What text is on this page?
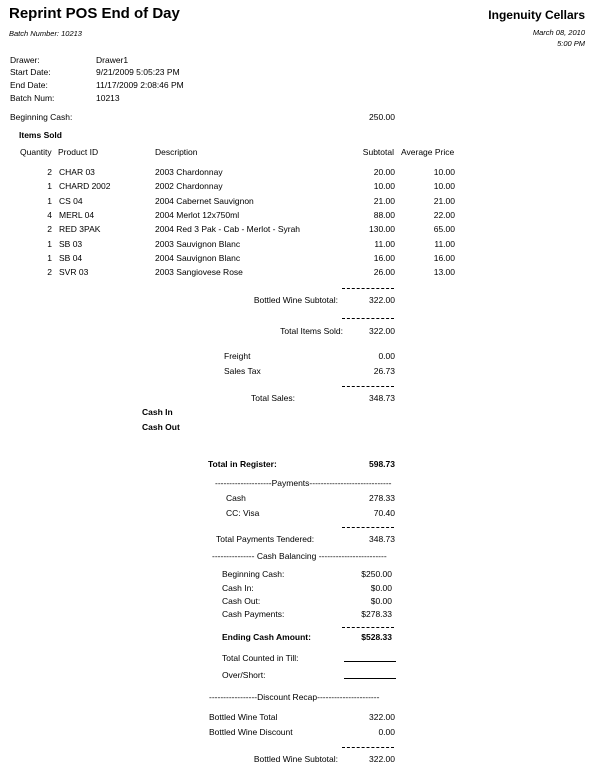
Reprint POS End of Day	Ingenuity Cellars
Batch Number: 10213	March 08, 2010
5:00 PM
Drawer:	Drawer1
Start Date:	9/21/2009 5:05:23 PM
End Date:	11/17/2009 2:08:46 PM
Batch Num:	10213
Beginning Cash:	250.00
Items Sold
Quantity Product ID	Description	Subtotal Average Price
2 CHAR 03	2003 Chardonnay	20.00	10.00
1 CHARD 2002	2002 Chardonnay	10.00	10.00
1 CS 04	2004 Cabernet Sauvignon	21.00	21.00
4 MERL 04	2004 Merlot 12x750ml	88.00	22.00
2 RED 3PAK	2004 Red 3 Pak - Cab - Merlot - Syrah	130.00	65.00
1 SB 03	2003 Sauvignon Blanc	11.00	11.00
1 SB 04	2004 Sauvignon Blanc	16.00	16.00
2 SVR 03	2003 Sangiovese Rose	26.00	13.00
Bottled Wine Subtotal:	322.00
Total Items Sold:	322.00
Freight	0.00
Sales Tax	26.73
Total Sales:	348.73
Cash In
Cash Out
Total in Register:	598.73
--------------------Payments-----------------------------
Cash	278.33
CC: Visa	70.40
Total Payments Tendered:	348.73
--------------- Cash Balancing ------------------------
Beginning Cash:	$250.00
Cash In:	$0.00
Cash Out:	$0.00
Cash Payments:	$278.33
Ending Cash Amount:	$528.33
Total Counted in Till:
Over/Short:
-----------------Discount Recap----------------------
Bottled Wine Total	322.00
Bottled Wine Discount	0.00
Bottled Wine Subtotal:	322.00
